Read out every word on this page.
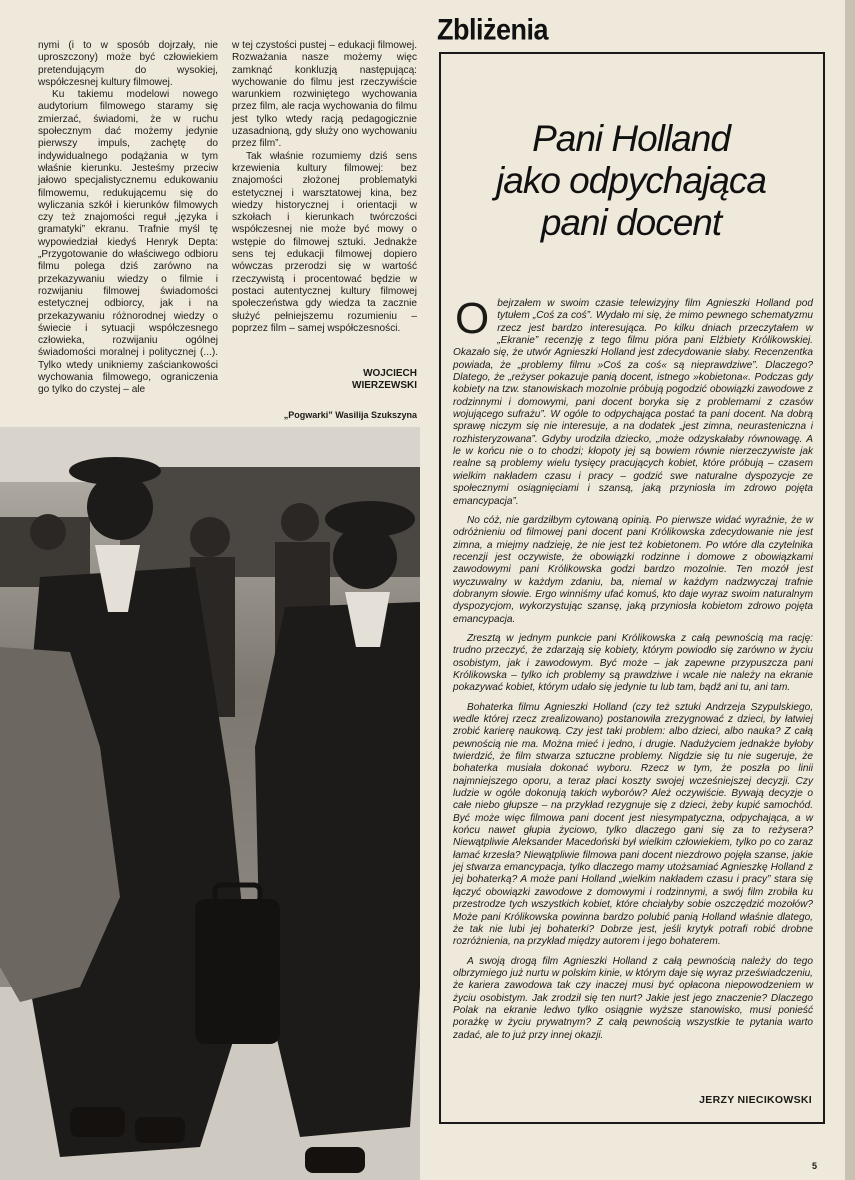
nymi (i to w sposób dojrzały, nie uproszczony) może być człowiekiem pretendującym do wysokiej, współczesnej kultury filmowej.

Ku takiemu modelowi nowego audytorium filmowego staramy się zmierzać, świadomi, że w ruchu społecznym dać możemy jedynie pierwszy impuls, zachętę do indywidualnego podążania w tym właśnie kierunku. Jesteśmy przeciw jałowo specjalistycznemu edukowaniu filmowemu, redukującemu się do wyliczania szkół i kierunków filmowych czy też znajomości reguł „języka i gramatyki” ekranu. Trafnie myśl tę wypowiedział kiedyś Henryk Depta: „Przygotowanie do właściwego odbioru filmu polega dziś zarówno na przekazywaniu wiedzy o filmie i rozwijaniu filmowej świadomości estetycznej odbiorcy, jak i na przekazywaniu różnorodnej wiedzy o świecie i sytuacji współczesnego człowieka, rozwijaniu ogólnej świadomości moralnej i politycznej (...). Tylko wtedy unikniemy zaściankowości wychowania filmowego, ograniczenia go tylko do czystej – ale

w tej czystości pustej – edukacji filmowej. Rozważania nasze możemy więc zamknąć konkluzją następującą: wychowanie do filmu jest rzeczywiście warunkiem rozwiniętego wychowania przez film, ale racja wychowania do filmu jest tylko wtedy racją pedagogicznie uzasadnioną, gdy służy ono wychowaniu przez film”.

Tak właśnie rozumiemy dziś sens krzewienia kultury filmowej: bez znajomości złożonej problematyki estetycznej i warsztatowej kina, bez wiedzy historycznej i orientacji w szkołach i kierunkach twórczości współczesnej nie może być mowy o wstępie do filmowej sztuki. Jednakże sens tej edukacji filmowej dopiero wówczas przerodzi się w wartość rzeczywistą i procentować będzie w postaci autentycznej kultury filmowej społeczeństwa gdy wiedza ta zacznie służyć pełniejszemu rozumieniu – poprzez film – samej współczesności.

WOJCIECH
WIERZEWSKI
„Pogwarki” Wasilija Szukszyna
Zbliżenia
Pani Holland
jako odpychająca
pani docent

Obejrzałem w swoim czasie telewizyjny film Agnieszki Holland pod tytułem „Coś za coś”. Wydało mi się, że mimo pewnego schematyzmu rzecz jest bardzo interesująca. Po kilku dniach przeczytałem w „Ekranie” recenzję z tego filmu pióra pani Elżbiety Królikowskiej. Okazało się, że utwór Agnieszki Holland jest zdecydowanie słaby. Recenzentka powiada, że „problemy filmu »Coś za coś« są nieprawdziwe”. Dlaczego? Dlatego, że „reżyser pokazuje panią docent, istnego »kobietona«. Podczas gdy kobiety na tzw. stanowiskach mozolnie próbują pogodzić obowiązki zawodowe z rodzinnymi i domowymi, pani docent boryka się z problemami z czasów wojującego sufrażu”. W ogóle to odpychająca postać ta pani docent. Na dobrą sprawę niczym się nie interesuje, a na dodatek „jest zimna, neurasteniczna i rozhisteryzowana”. Gdyby urodziła dziecko, „może odzyskałaby równowagę. A le w końcu nie o to chodzi; kłopoty jej są bowiem równie nierzeczywiste jak realne są problemy wielu tysięcy pracujących kobiet, które próbują – czasem wielkim nakładem czasu i pracy – godzić swe naturalne dyspozycje ze społecznymi osiągnięciami i szansą, jaką przyniosła im zdrowo pojęta emancypacja”.

No cóż, nie gardziłbym cytowaną opinią. Po pierwsze widać wyraźnie, że w odróżnieniu od filmowej pani docent pani Królikowska zdecydowanie nie jest zimna, a miejmy nadzieję, że nie jest też kobietonem. Po wtóre dla czytelnika recenzji jest oczywiste, że obowiązki rodzinne i domowe z obowiązkami zawodowymi pani Królikowska godzi bardzo mozolnie. Ten mozół jest wyczuwalny w każdym zdaniu, ba, niemal w każdym nadzwyczaj trafnie dobranym słowie. Ergo winniśmy ufać komuś, kto daje wyraz swoim naturalnym dyspozycjom, wykorzystując szansę, jaką przyniosła kobietom zdrowo pojęta emancypacja.

Zresztą w jednym punkcie pani Królikowska z całą pewnością ma rację: trudno przeczyć, że zdarzają się kobiety, którym powiodło się zarówno w życiu osobistym, jak i zawodowym. Być może – jak zapewne przypuszcza pani Królikowska – tylko ich problemy są prawdziwe i wcale nie należy na ekranie pokazywać kobiet, którym udało się jedynie tu lub tam, bądź ani tu, ani tam.

Bohaterka filmu Agnieszki Holland (czy też sztuki Andrzeja Szypulskiego, wedle której rzecz zrealizowano) postanowiła zrezygnować z dzieci, by łatwiej zrobić karierę naukową. Czy jest taki problem: albo dzieci, albo nauka? Z całą pewnością nie ma. Można mieć i jedno, i drugie. Nadużyciem jednakże byłoby twierdzić, że film stwarza sztuczne problemy. Nigdzie się tu nie sugeruje, że bohaterka musiała dokonać wyboru. Rzecz w tym, że poszła po linii najmniejszego oporu, a teraz płaci koszty swojej wcześniejszej decyzji. Czy ludzie w ogóle dokonują takich wyborów? Ależ oczywiście. Bywają decyzje o całe niebo głupsze – na przykład rezygnuje się z dzieci, żeby kupić samochód. Być może więc filmowa pani docent jest niesympatyczna, odpychająca, a w końcu nawet głupia życiowo, tylko dlaczego gani się za to reżysera? Niewątpliwie Aleksander Macedoński był wielkim człowiekiem, tylko po co zaraz łamać krzesła? Niewątpliwie filmowa pani docent niezdrowo pojęła szanse, jakie jej stwarza emancypacja, tylko dlaczego mamy utożsamiać Agnieszkę Holland z jej bohaterką? A może pani Holland „wielkim nakładem czasu i pracy” stara się łączyć obowiązki zawodowe z domowymi i rodzinnymi, a swój film zrobiła ku przestrodze tych wszystkich kobiet, które chciałyby sobie oszczędzić mozołów? Może pani Królikowska powinna bardzo polubić panią Holland właśnie dlatego, że tak nie lubi jej bohaterki? Dobrze jest, jeśli krytyk potrafi robić drobne rozróżnienia, na przykład między autorem i jego bohaterem.

A swoją drogą film Agnieszki Holland z całą pewnością należy do tego olbrzymiego już nurtu w polskim kinie, w którym daje się wyraz przeświadczeniu, że kariera zawodowa tak czy inaczej musi być opłacona niepowodzeniem w życiu osobistym. Jak zrodził się ten nurt? Jakie jest jego znaczenie? Dlaczego Polak na ekranie ledwo tylko osiągnie wyższe stanowisko, musi ponieść porażkę w życiu prywatnym? Z całą pewnością wszystkie te pytania warto zadać, ale to już przy innej okazji.

JERZY NIECIKOWSKI
5
